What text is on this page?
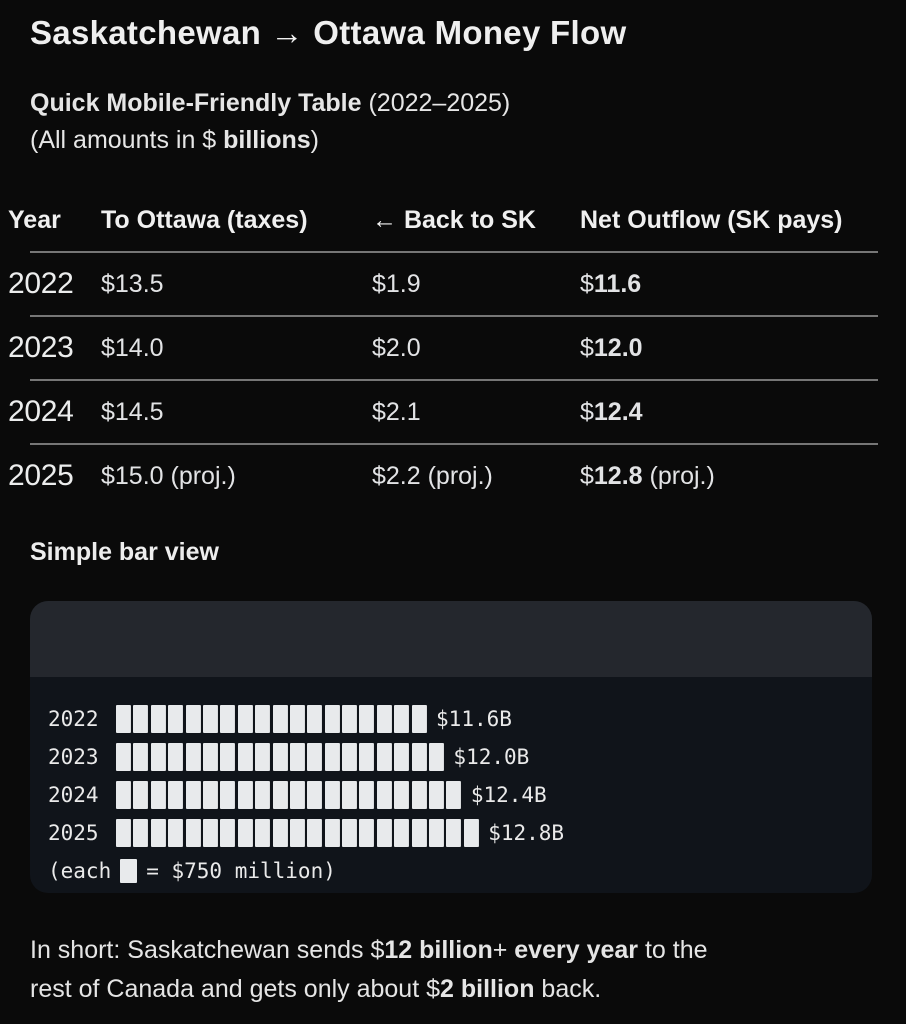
Saskatchewan → Ottawa Money Flow
Quick Mobile-Friendly Table (2022–2025)
(All amounts in $ billions)
Year	To Ottawa (taxes)	← Back to SK	Net Outflow (SK pays)
2022	$13.5	$1.9	$11.6
2023	$14.0	$2.0	$12.0
2024	$14.5	$2.1	$12.4
2025	$15.0 (proj.)	$2.2 (proj.)	$12.8 (proj.)
Simple bar view
2022	$11.6B
2023	$12.0B
2024	$12.4B
2025	$12.8B
(each = $750 million)
In short: Saskatchewan sends $12 billion+ every year to the
rest of Canada and gets only about $2 billion back.
